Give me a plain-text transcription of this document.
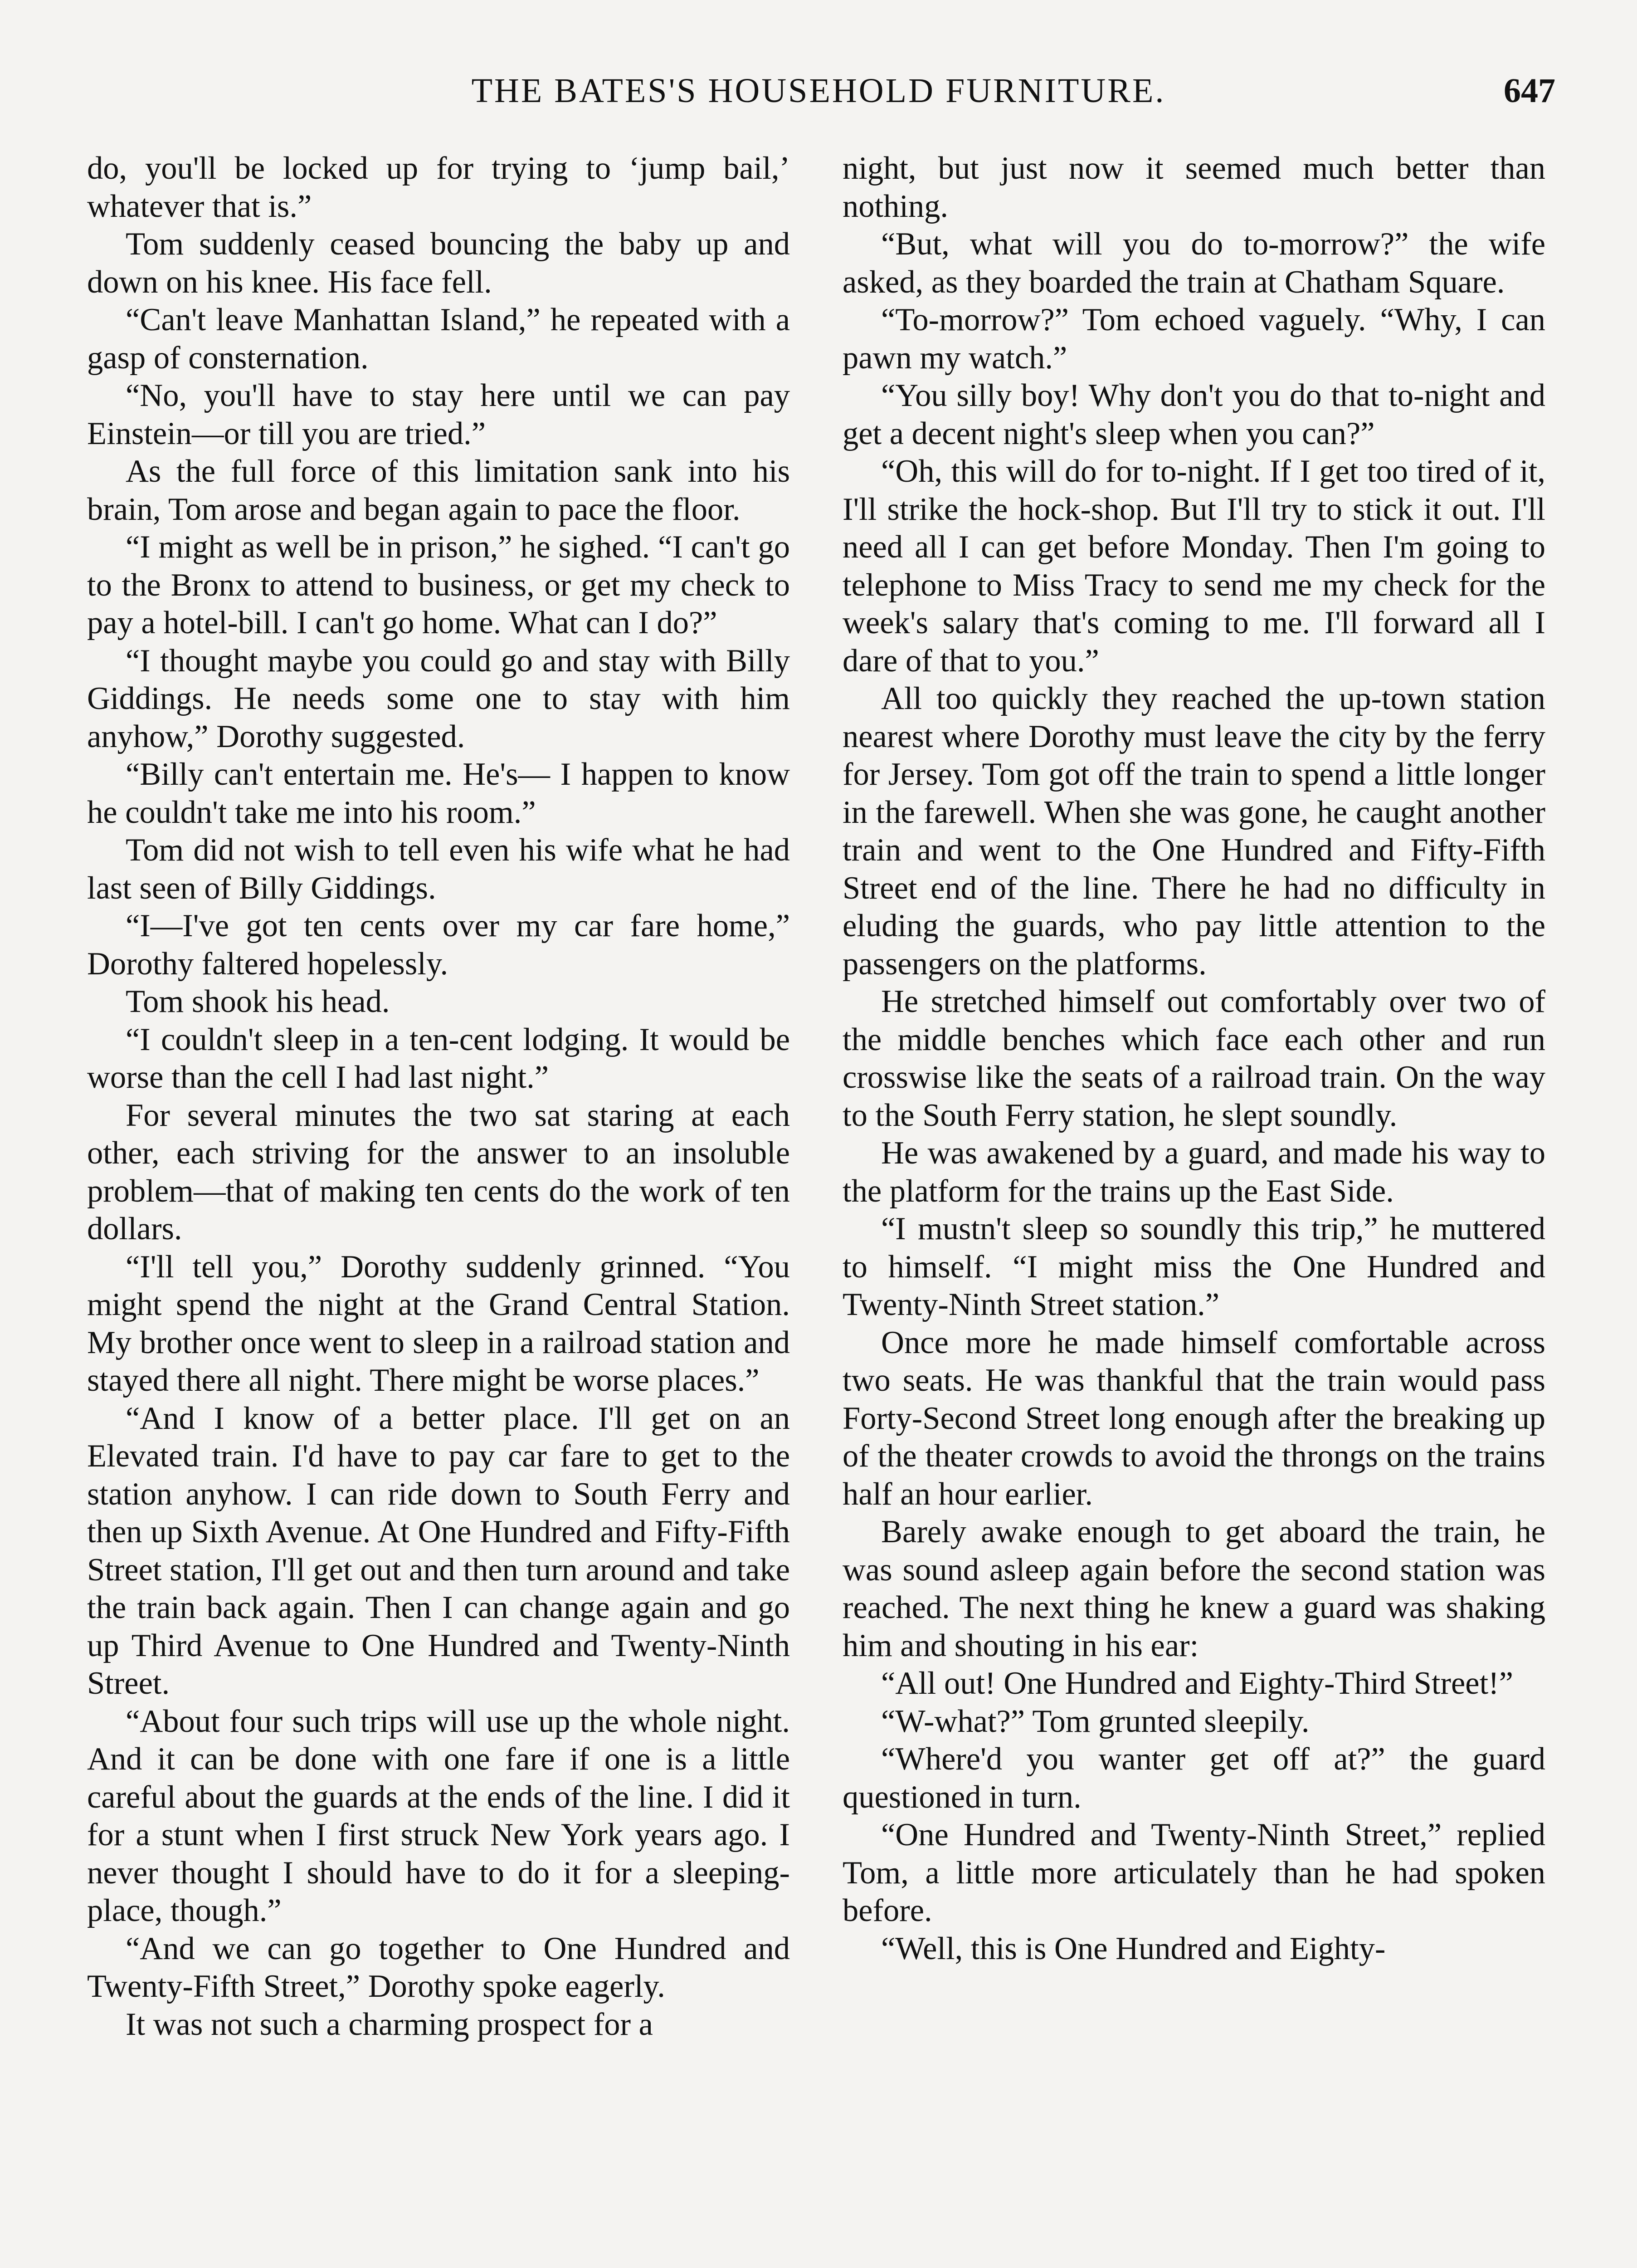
THE BATES'S HOUSEHOLD FURNITURE.	647

do, you'll be locked up for trying to ‘jump bail,’ whatever that is.”

Tom suddenly ceased bouncing the baby up and down on his knee. His face fell.

“Can't leave Manhattan Island,” he repeated with a gasp of consternation.

“No, you'll have to stay here until we can pay Einstein—or till you are tried.”

As the full force of this limitation sank into his brain, Tom arose and began again to pace the floor.

“I might as well be in prison,” he sighed. “I can't go to the Bronx to attend to business, or get my check to pay a hotel-bill. I can't go home. What can I do?”

“I thought maybe you could go and stay with Billy Giddings. He needs some one to stay with him anyhow,” Dorothy suggested.

“Billy can't entertain me. He's— I happen to know he couldn't take me into his room.”

Tom did not wish to tell even his wife what he had last seen of Billy Giddings.

“I—I've got ten cents over my car fare home,” Dorothy faltered hopelessly.

Tom shook his head.

“I couldn't sleep in a ten-cent lodging. It would be worse than the cell I had last night.”

For several minutes the two sat staring at each other, each striving for the answer to an insoluble problem—that of making ten cents do the work of ten dollars.

“I'll tell you,” Dorothy suddenly grinned. “You might spend the night at the Grand Central Station. My brother once went to sleep in a railroad station and stayed there all night. There might be worse places.”

“And I know of a better place. I'll get on an Elevated train. I'd have to pay car fare to get to the station anyhow. I can ride down to South Ferry and then up Sixth Avenue. At One Hundred and Fifty-Fifth Street station, I'll get out and then turn around and take the train back again. Then I can change again and go up Third Avenue to One Hundred and Twenty-Ninth Street.

“About four such trips will use up the whole night. And it can be done with one fare if one is a little careful about the guards at the ends of the line. I did it for a stunt when I first struck New York years ago. I never thought I should have to do it for a sleeping-place, though.”

“And we can go together to One Hundred and Twenty-Fifth Street,” Dorothy spoke eagerly.

It was not such a charming prospect for a

night, but just now it seemed much better than nothing.

“But, what will you do to-morrow?” the wife asked, as they boarded the train at Chatham Square.

“To-morrow?” Tom echoed vaguely. “Why, I can pawn my watch.”

“You silly boy! Why don't you do that to-night and get a decent night's sleep when you can?”

“Oh, this will do for to-night. If I get too tired of it, I'll strike the hock-shop. But I'll try to stick it out. I'll need all I can get before Monday. Then I'm going to telephone to Miss Tracy to send me my check for the week's salary that's coming to me. I'll forward all I dare of that to you.”

All too quickly they reached the up-town station nearest where Dorothy must leave the city by the ferry for Jersey. Tom got off the train to spend a little longer in the farewell. When she was gone, he caught another train and went to the One Hundred and Fifty-Fifth Street end of the line. There he had no difficulty in eluding the guards, who pay little attention to the passengers on the platforms.

He stretched himself out comfortably over two of the middle benches which face each other and run crosswise like the seats of a railroad train. On the way to the South Ferry station, he slept soundly.

He was awakened by a guard, and made his way to the platform for the trains up the East Side.

“I mustn't sleep so soundly this trip,” he muttered to himself. “I might miss the One Hundred and Twenty-Ninth Street station.”

Once more he made himself comfortable across two seats. He was thankful that the train would pass Forty-Second Street long enough after the breaking up of the theater crowds to avoid the throngs on the trains half an hour earlier.

Barely awake enough to get aboard the train, he was sound asleep again before the second station was reached. The next thing he knew a guard was shaking him and shouting in his ear:

“All out! One Hundred and Eighty-Third Street!”

“W-what?” Tom grunted sleepily.

“Where'd you wanter get off at?” the guard questioned in turn.

“One Hundred and Twenty-Ninth Street,” replied Tom, a little more articulately than he had spoken before.

“Well, this is One Hundred and Eighty-
